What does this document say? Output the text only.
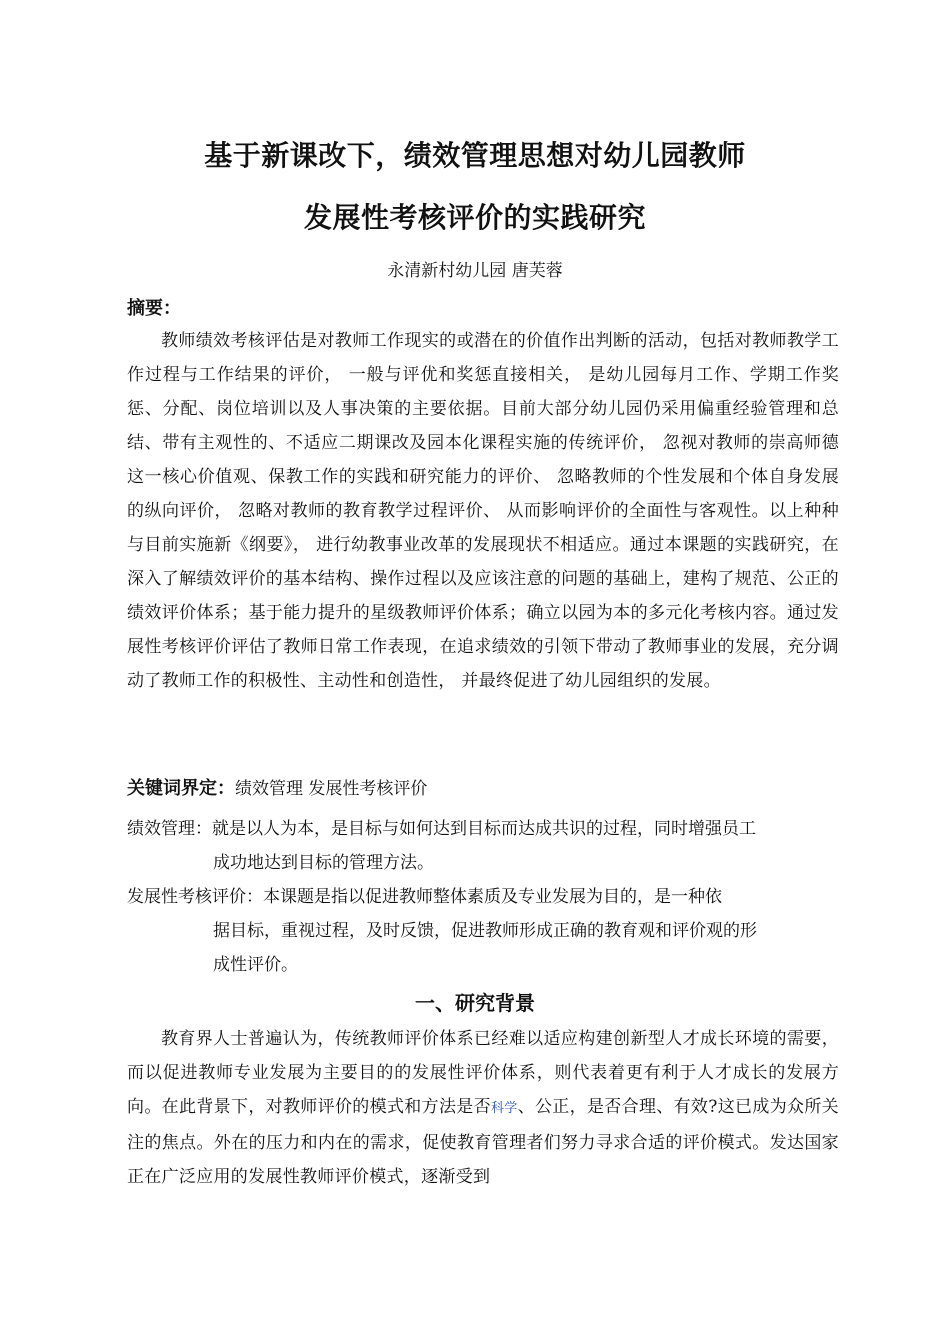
基于新课改下，绩效管理思想对幼儿园教师
发展性考核评价的实践研究
永清新村幼儿园 唐芙蓉
摘要：
教师绩效考核评估是对教师工作现实的或潜在的价值作出判断的活动，包括对教师教学工作过程与工作结果的评价， 一般与评优和奖惩直接相关， 是幼儿园每月工作、学期工作奖惩、分配、岗位培训以及人事决策的主要依据。目前大部分幼儿园仍采用偏重经验管理和总结、带有主观性的、不适应二期课改及园本化课程实施的传统评价， 忽视对教师的崇高师德这一核心价值观、保教工作的实践和研究能力的评价、 忽略教师的个性发展和个体自身发展的纵向评价， 忽略对教师的教育教学过程评价、 从而影响评价的全面性与客观性。以上种种与目前实施新《纲要》， 进行幼教事业改革的发展现状不相适应。通过本课题的实践研究，在深入了解绩效评价的基本结构、操作过程以及应该注意的问题的基础上，建构了规范、公正的绩效评价体系；基于能力提升的星级教师评价体系；确立以园为本的多元化考核内容。通过发展性考核评价评估了教师日常工作表现，在追求绩效的引领下带动了教师事业的发展，充分调动了教师工作的积极性、主动性和创造性， 并最终促进了幼儿园组织的发展。
关键词界定：绩效管理 发展性考核评价
绩效管理：就是以人为本，是目标与如何达到目标而达成共识的过程，同时增强员工
成功地达到目标的管理方法。
发展性考核评价：本课题是指以促进教师整体素质及专业发展为目的，是一种依
据目标，重视过程，及时反馈，促进教师形成正确的教育观和评价观的形
成性评价。
一、研究背景
教育界人士普遍认为，传统教师评价体系已经难以适应构建创新型人才成长环境的需要，而以促进教师专业发展为主要目的的发展性评价体系，则代表着更有利于人才成长的发展方向。在此背景下，对教师评价的模式和方法是否科学、公正，是否合理、有效?这已成为众所关注的焦点。外在的压力和内在的需求，促使教育管理者们努力寻求合适的评价模式。发达国家正在广泛应用的发展性教师评价模式，逐渐受到
